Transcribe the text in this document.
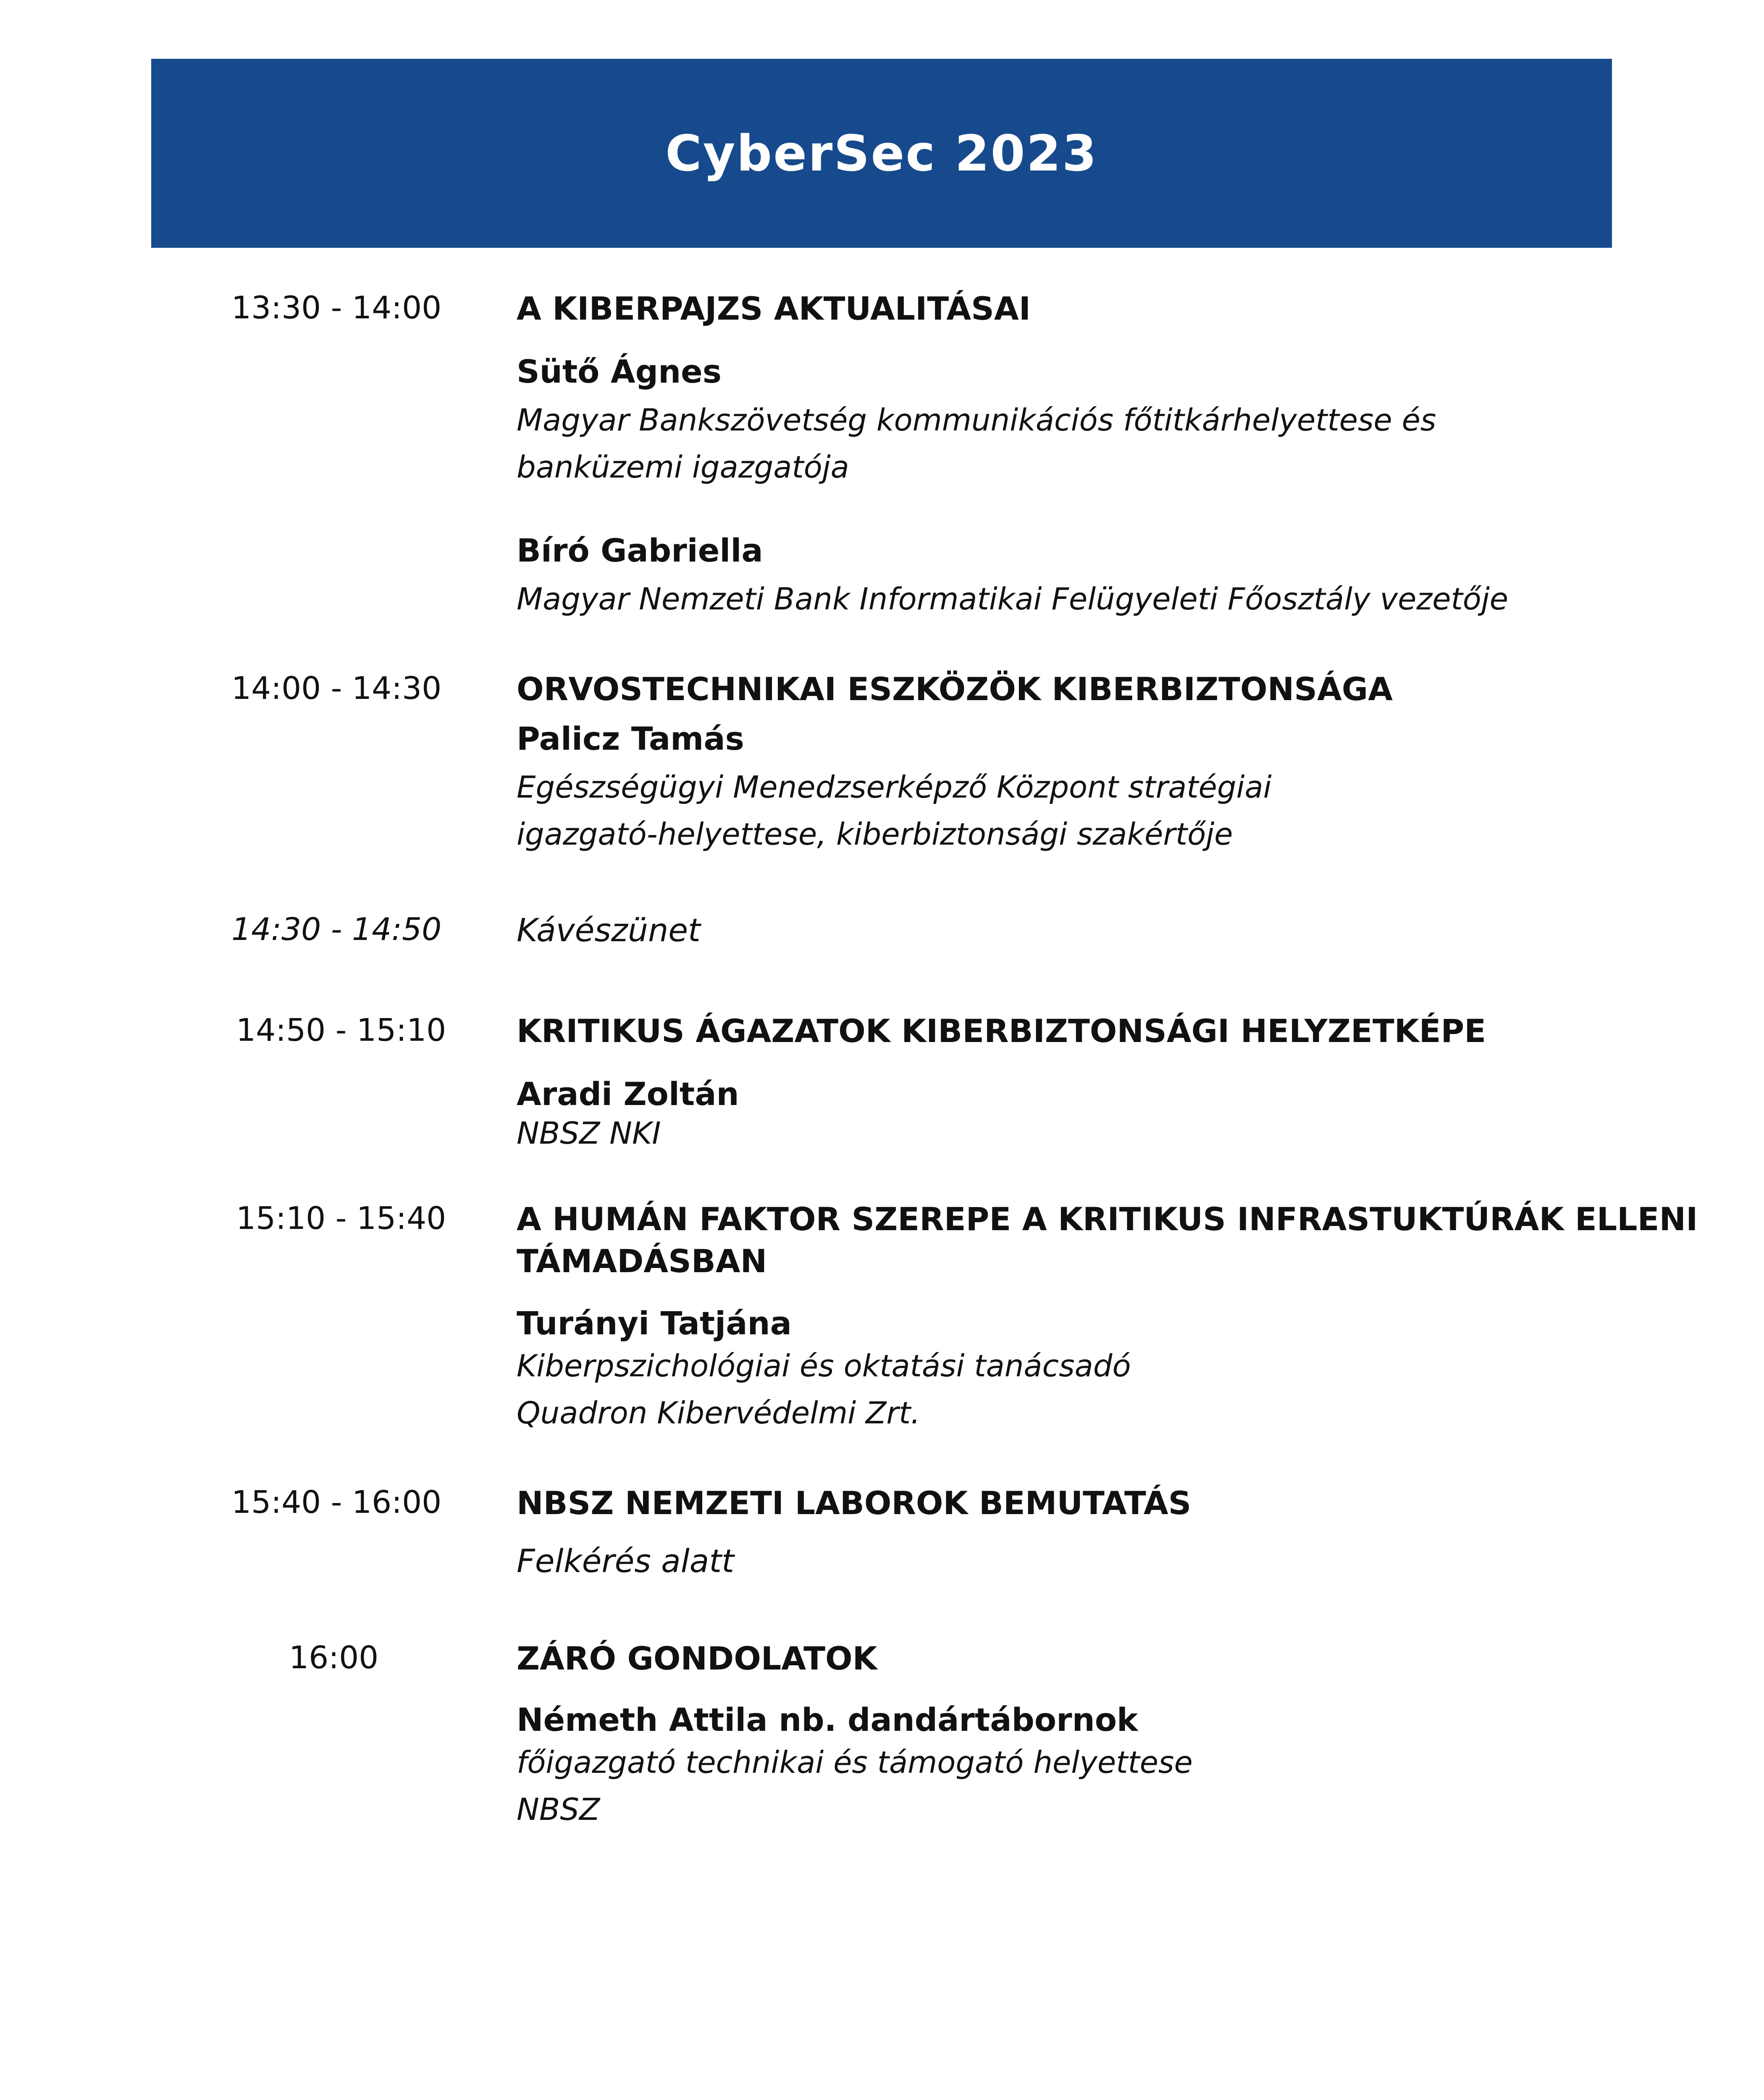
CyberSec 2023
13:30 - 14:00 A KIBERPAJZS AKTUALITÁSAI
Sütő Ágnes
Magyar Bankszövetség kommunikációs főtitkárhelyettese és
banküzemi igazgatója
Bíró Gabriella
Magyar Nemzeti Bank Informatikai Felügyeleti Főosztály vezetője
14:00 - 14:30 ORVOSTECHNIKAI ESZKÖZÖK KIBERBIZTONSÁGA
Palicz Tamás
Egészségügyi Menedzserképző Központ stratégiai
igazgató-helyettese, kiberbiztonsági szakértője
14:30 - 14:50 Kávészünet
14:50 - 15:10 KRITIKUS ÁGAZATOK KIBERBIZTONSÁGI HELYZETKÉPE
Aradi Zoltán
NBSZ NKI
15:10 - 15:40 A HUMÁN FAKTOR SZEREPE A KRITIKUS INFRASTUKTÚRÁK ELLENI
TÁMADÁSBAN
Turányi Tatjána
Kiberpszichológiai és oktatási tanácsadó
Quadron Kibervédelmi Zrt.
15:40 - 16:00 NBSZ NEMZETI LABOROK BEMUTATÁS
Felkérés alatt
16:00	ZÁRÓ GONDOLATOK
Németh Attila nb. dandártábornok
főigazgató technikai és támogató helyettese
NBSZ
